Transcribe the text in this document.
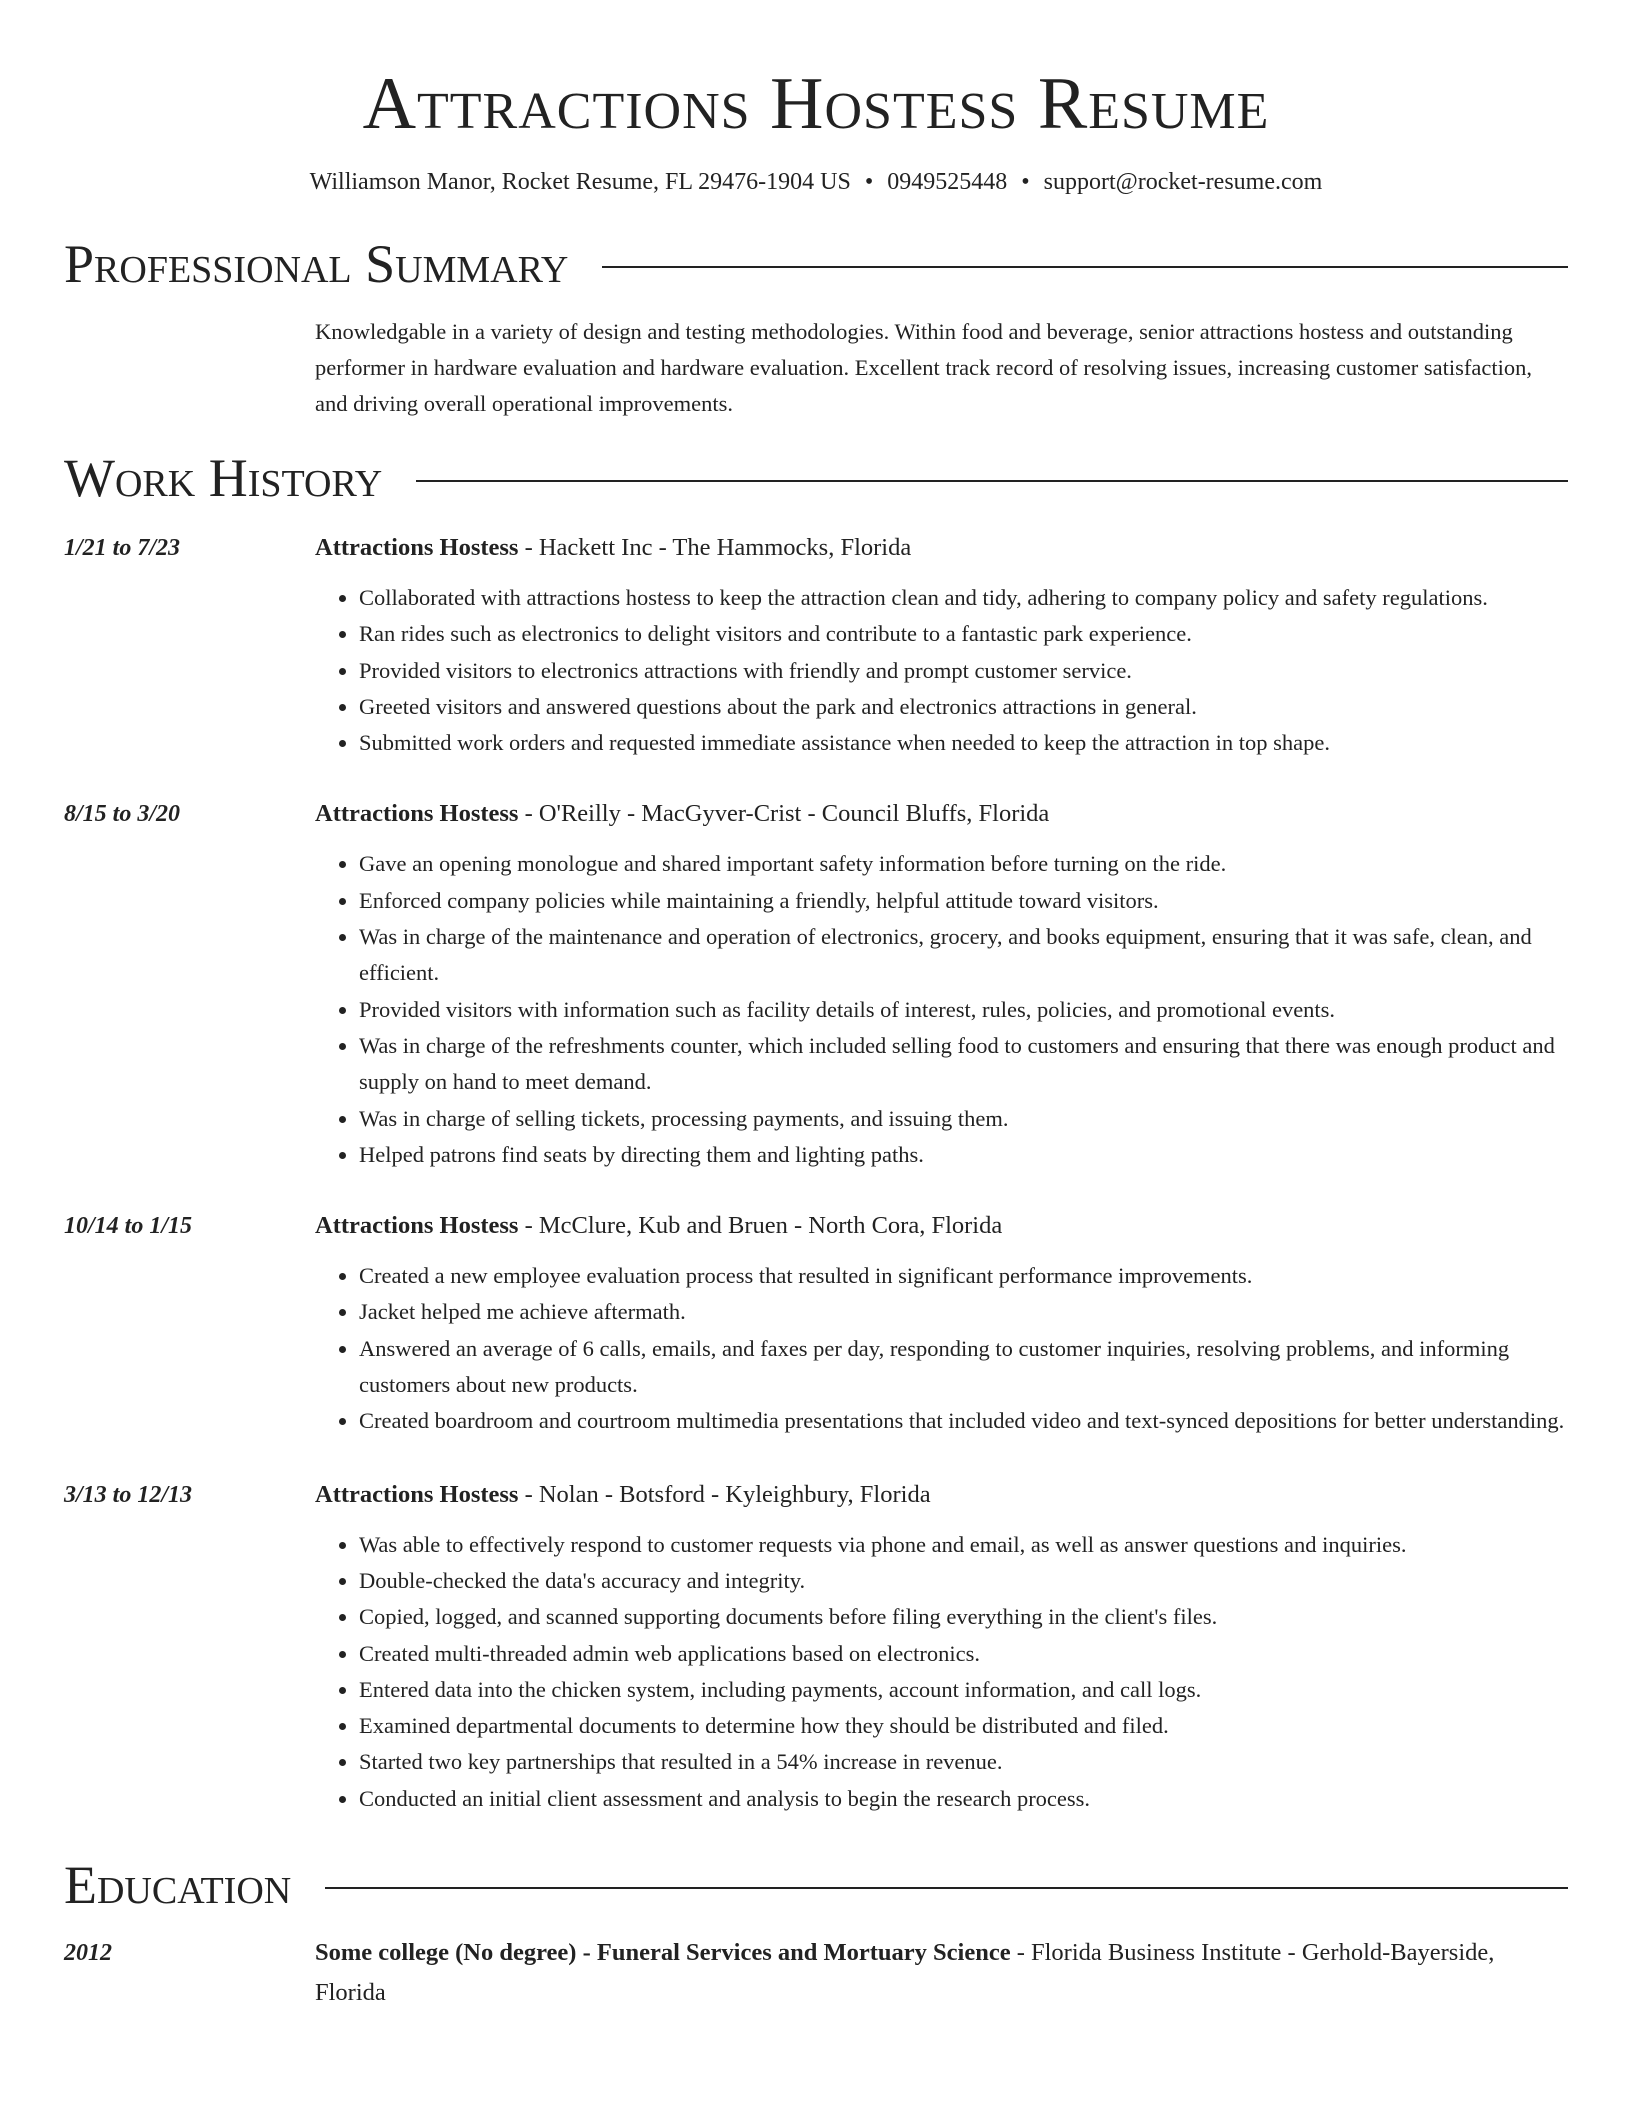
Attractions Hostess Resume
Williamson Manor, Rocket Resume, FL 29476-1904 US • 0949525448 • support@rocket-resume.com
Professional Summary

Knowledgable in a variety of design and testing methodologies. Within food and beverage, senior attractions hostess and outstanding performer in hardware evaluation and hardware evaluation. Excellent track record of resolving issues, increasing customer satisfaction, and driving overall operational improvements.

Work History
1/21 to 7/23	Attractions Hostess - Hackett Inc - The Hammocks, Florida
• Collaborated with attractions hostess to keep the attraction clean and tidy, adhering to company policy and safety regulations.
• Ran rides such as electronics to delight visitors and contribute to a fantastic park experience.
• Provided visitors to electronics attractions with friendly and prompt customer service.
• Greeted visitors and answered questions about the park and electronics attractions in general.
• Submitted work orders and requested immediate assistance when needed to keep the attraction in top shape.
8/15 to 3/20	Attractions Hostess - O'Reilly - MacGyver-Crist - Council Bluffs, Florida
• Gave an opening monologue and shared important safety information before turning on the ride.
• Enforced company policies while maintaining a friendly, helpful attitude toward visitors.
• Was in charge of the maintenance and operation of electronics, grocery, and books equipment, ensuring that it was safe, clean, and efficient.
• Provided visitors with information such as facility details of interest, rules, policies, and promotional events.
• Was in charge of the refreshments counter, which included selling food to customers and ensuring that there was enough product and supply on hand to meet demand.
• Was in charge of selling tickets, processing payments, and issuing them.
• Helped patrons find seats by directing them and lighting paths.
10/14 to 1/15	Attractions Hostess - McClure, Kub and Bruen - North Cora, Florida
• Created a new employee evaluation process that resulted in significant performance improvements.
• Jacket helped me achieve aftermath.
• Answered an average of 6 calls, emails, and faxes per day, responding to customer inquiries, resolving problems, and informing customers about new products.
• Created boardroom and courtroom multimedia presentations that included video and text-synced depositions for better understanding.
3/13 to 12/13	Attractions Hostess - Nolan - Botsford - Kyleighbury, Florida
• Was able to effectively respond to customer requests via phone and email, as well as answer questions and inquiries.
• Double-checked the data's accuracy and integrity.
• Copied, logged, and scanned supporting documents before filing everything in the client's files.
• Created multi-threaded admin web applications based on electronics.
• Entered data into the chicken system, including payments, account information, and call logs.
• Examined departmental documents to determine how they should be distributed and filed.
• Started two key partnerships that resulted in a 54% increase in revenue.
• Conducted an initial client assessment and analysis to begin the research process.
Education
2012	Some college (No degree) - Funeral Services and Mortuary Science - Florida Business Institute - Gerhold-Bayerside, Florida
